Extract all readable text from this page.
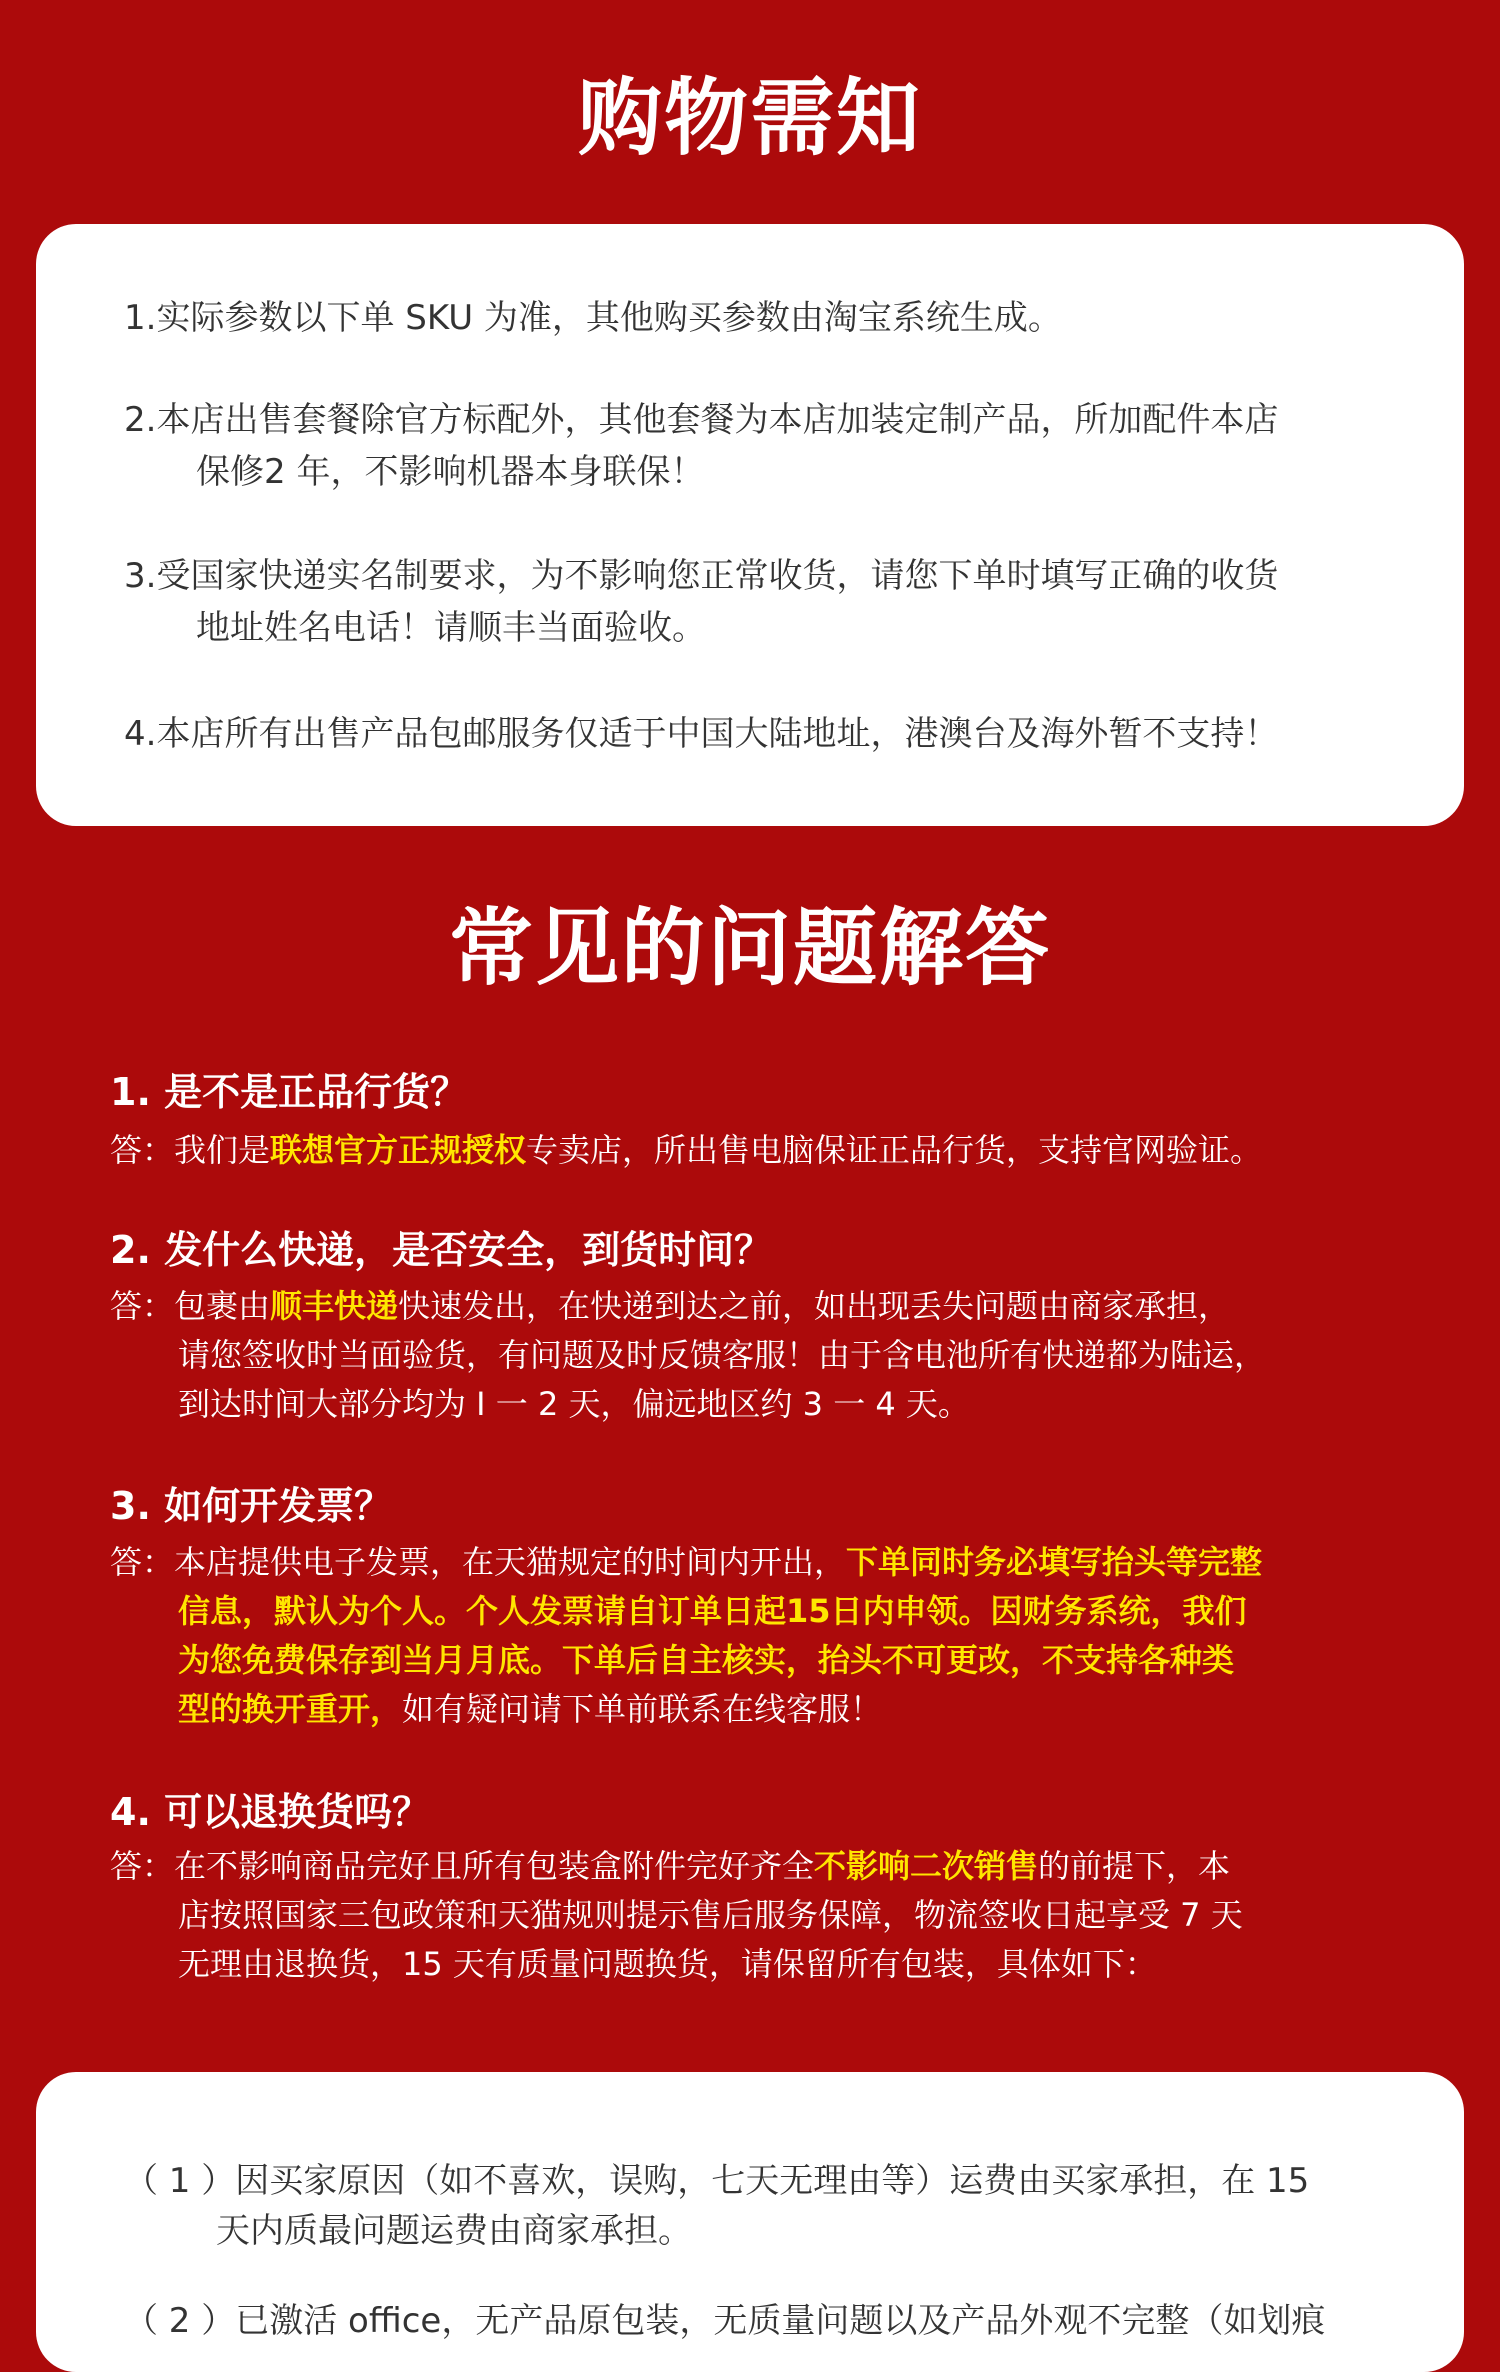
购物需知

1.实际参数以下单 SKU 为准，其他购买参数由淘宝系统生成。

2.本店出售套餐除官方标配外，其他套餐为本店加装定制产品，所加配件本店
保修2 年，不影响机器本身联保！

3.受国家快递实名制要求，为不影响您正常收货，请您下单时填写正确的收货
地址姓名电话！请顺丰当面验收。

4.本店所有出售产品包邮服务仅适于中国大陆地址，港澳台及海外暂不支持！

常见的问题解答

1. 是不是正品行货？

答：我们是联想官方正规授权专卖店，所出售电脑保证正品行货，支持官网验证。

2. 发什么快递，是否安全，到货时间？

答：包裹由顺丰快递快速发出，在快递到达之前，如出现丢失问题由商家承担，
请您签收时当面验货，有问题及时反馈客服！由于含电池所有快递都为陆运，
到达时间大部分均为 I 一 2 天，偏远地区约 3 一 4 天。

3. 如何开发票？

答：本店提供电子发票，在天猫规定的时间内开出，下单同时务必填写抬头等完整
信息，默认为个人。个人发票请自订单日起15日内申领。因财务系统，我们
为您免费保存到当月月底。下单后自主核实，抬头不可更改，不支持各种类
型的换开重开，如有疑问请下单前联系在线客服！

4. 可以退换货吗？

答：在不影响商品完好且所有包装盒附件完好齐全不影响二次销售的前提下，本
店按照国家三包政策和天猫规则提示售后服务保障，物流签收日起享受 7 天
无理由退换货，15 天有质量问题换货，请保留所有包装，具体如下：

（ 1 ）因买家原因（如不喜欢，误购，七天无理由等）运费由买家承担，在 15
天内质最问题运费由商家承担。

（ 2 ）已激活 office，无产品原包装，无质量问题以及产品外观不完整（如划痕
